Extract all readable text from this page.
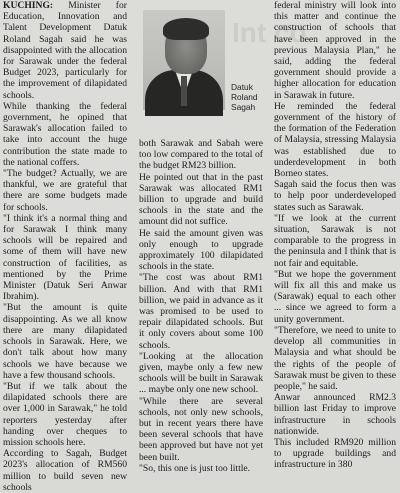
KUCHING: Minister for Education, Innovation and Talent Development Datuk Roland Sagah said he was disappointed with the allocation for Sarawak under the federal Budget 2023, particularly for the improvement of dilapidated schools.

While thanking the federal government, he opined that Sarawak's allocation failed to take into account the huge contribution the state made to the national coffers.

"The budget? Actually, we are thankful, we are grateful that there are some budgets made for schools.

"I think it's a normal thing and for Sarawak I think many schools will be repaired and some of them will have new construction of facilities, as mentioned by the Prime Minister (Datuk Seri Anwar Ibrahim).

"But the amount is quite disappointing. As we all know there are many dilapidated schools in Sarawak. Here, we don't talk about how many schools we have because we have a few thousand schools.

"But if we talk about the dilapidated schools there are over 1,000 in Sarawak," he told reporters yesterday after handing over cheques to mission schools here.

According to Sagah, Budget 2023's allocation of RM560 million to build seven new schools

Datuk Roland Sagah

both Sarawak and Sabah were too low compared to the total of the budget RM23 billion.

He pointed out that in the past Sarawak was allocated RM1 billion to upgrade and build schools in the state and the amount did not suffice.

He said the amount given was only enough to upgrade approximately 100 dilapidated schools in the state.

"The cost was about RM1 billion. And with that RM1 billion, we paid in advance as it was promised to be used to repair dilapidated schools. But it only covers about some 100 schools.

"Looking at the allocation given, maybe only a few new schools will be built in Sarawak ... maybe only one new school.

"While there are several schools, not only new schools, but in recent years there have been several schools that have been approved but have not yet been built.

"So, this one is just too little.

Int co

federal ministry will look into this matter and continue the construction of schools that have been approved in the previous Malaysia Plan," he said, adding the federal government should provide a higher allocation for education in Sarawak in future.

He reminded the federal government of the history of the formation of the Federation of Malaysia, stressing Malaysia was established due to underdevelopment in both Borneo states.

Sagah said the focus then was to help poor underdeveloped states such as Sarawak.

"If we look at the current situation, Sarawak is not comparable to the progress in the peninsula and I think that is not fair and equitable.

"But we hope the government will fix all this and make us (Sarawak) equal to each other ... since we agreed to form a unity government.

"Therefore, we need to unite to develop all communities in Malaysia and what should be the rights of the people of Sarawak must be given to these people," he said.

Anwar announced RM2.3 billion last Friday to improve infrastructure in schools nationwide.

This included RM920 million to upgrade buildings and infrastructure in 380
